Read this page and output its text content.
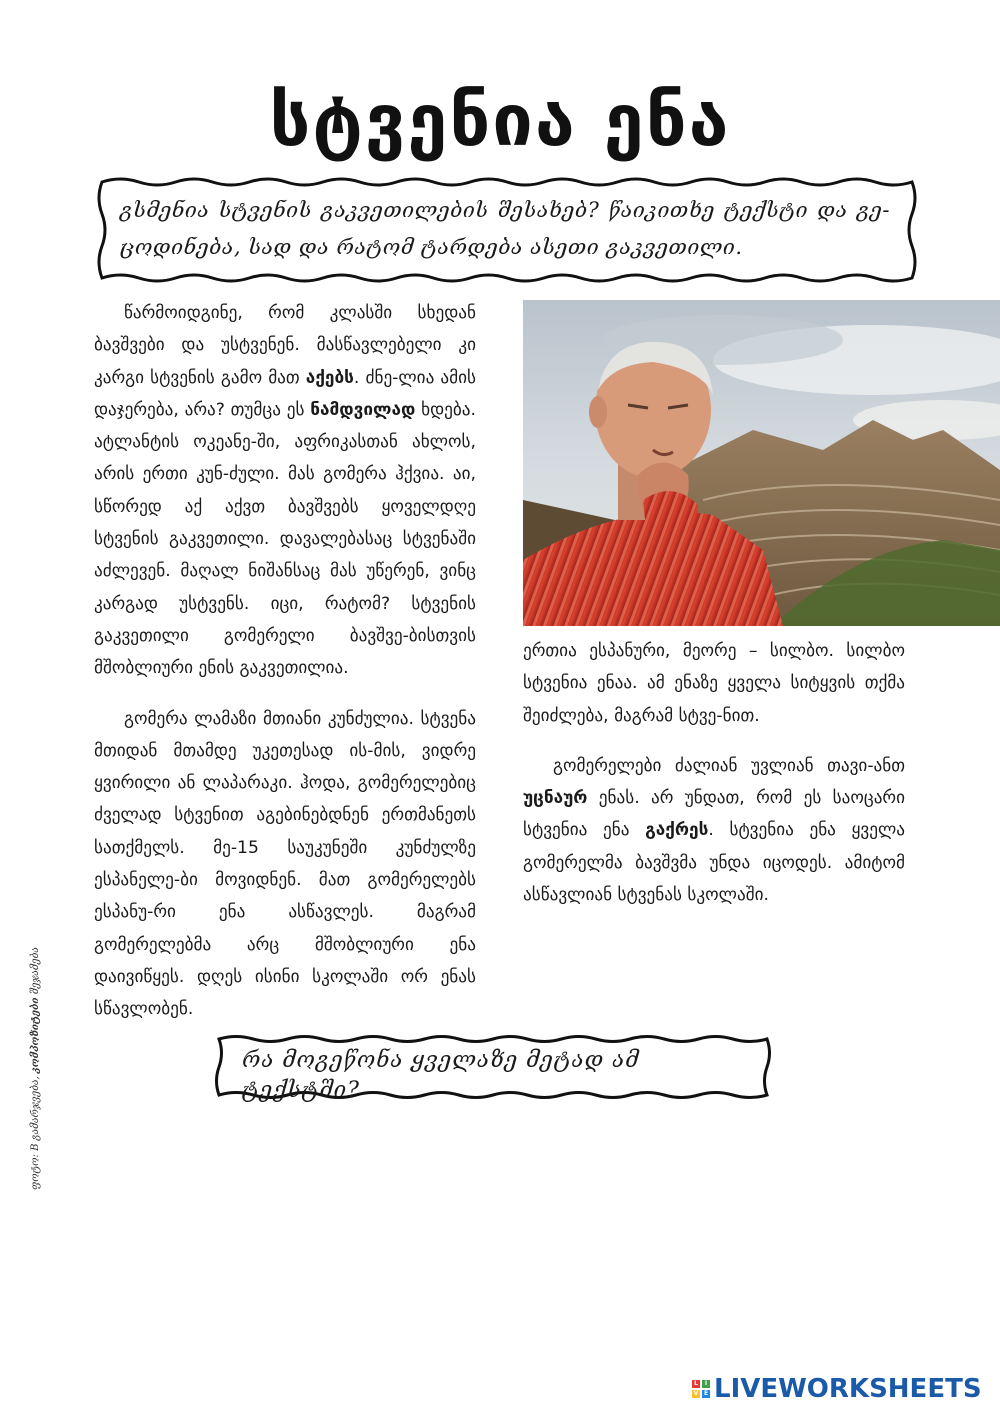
სტვენია ენა
გსმენია სტვენის გაკვეთილების შესახებ? წაიკითხე ტექსტი და გე-ცოდინება, სად და რატომ ტარდება ასეთი გაკვეთილი.

წარმოიდგინე, რომ კლასში სხედან ბავშვები და უსტვენენ. მასწავლებელი კი კარგი სტვენის გამო მათ აქებს. ძნე-ლია ამის დაჯერება, არა? თუმცა ეს ნამდვილად ხდება. ატლანტის ოკეანე-ში, აფრიკასთან ახლოს, არის ერთი კუნ-ძული. მას გომერა ჰქვია. აი, სწორედ აქ აქვთ ბავშვებს ყოველდღე სტვენის გაკვეთილი. დავალებასაც სტვენაში აძლევენ. მაღალ ნიშანსაც მას უწერენ, ვინც კარგად უსტვენს. იცი, რატომ? სტვენის გაკვეთილი გომერელი ბავშვე-ბისთვის მშობლიური ენის გაკვეთილია.

გომერა ლამაზი მთიანი კუნძულია. სტვენა მთიდან მთამდე უკეთესად ის-მის, ვიდრე ყვირილი ან ლაპარაკი. ჰოდა, გომერელებიც ძველად სტვენით აგებინებდნენ ერთმანეთს სათქმელს. მე-15 საუკუნეში კუნძულზე ესპანელე-ბი მოვიდნენ. მათ გომერელებს ესპანუ-რი ენა ასწავლეს. მაგრამ გომერელებმა არც მშობლიური ენა დაივიწყეს. დღეს ისინი სკოლაში ორ ენას სწავლობენ.

ერთია ესპანური, მეორე – სილბო. სილბო სტვენია ენაა. ამ ენაზე ყველა სიტყვის თქმა შეიძლება, მაგრამ სტვე-ნით.

გომერელები ძალიან უვლიან თავი-ანთ უცნაურ ენას. არ უნდათ, რომ ეს საოცარი სტვენია ენა გაქრეს. სტვენია ენა ყველა გომერელმა ბავშვმა უნდა იცოდეს. ამიტომ ასწავლიან სტვენას სკოლაში.

რა მოგეწონა ყველაზე მეტად ამ ტექსტში?
ფოტო: B გამარჯვება, კომპოზიტები შეჯამება
L	I
V E LIVEWORKSHEETS
